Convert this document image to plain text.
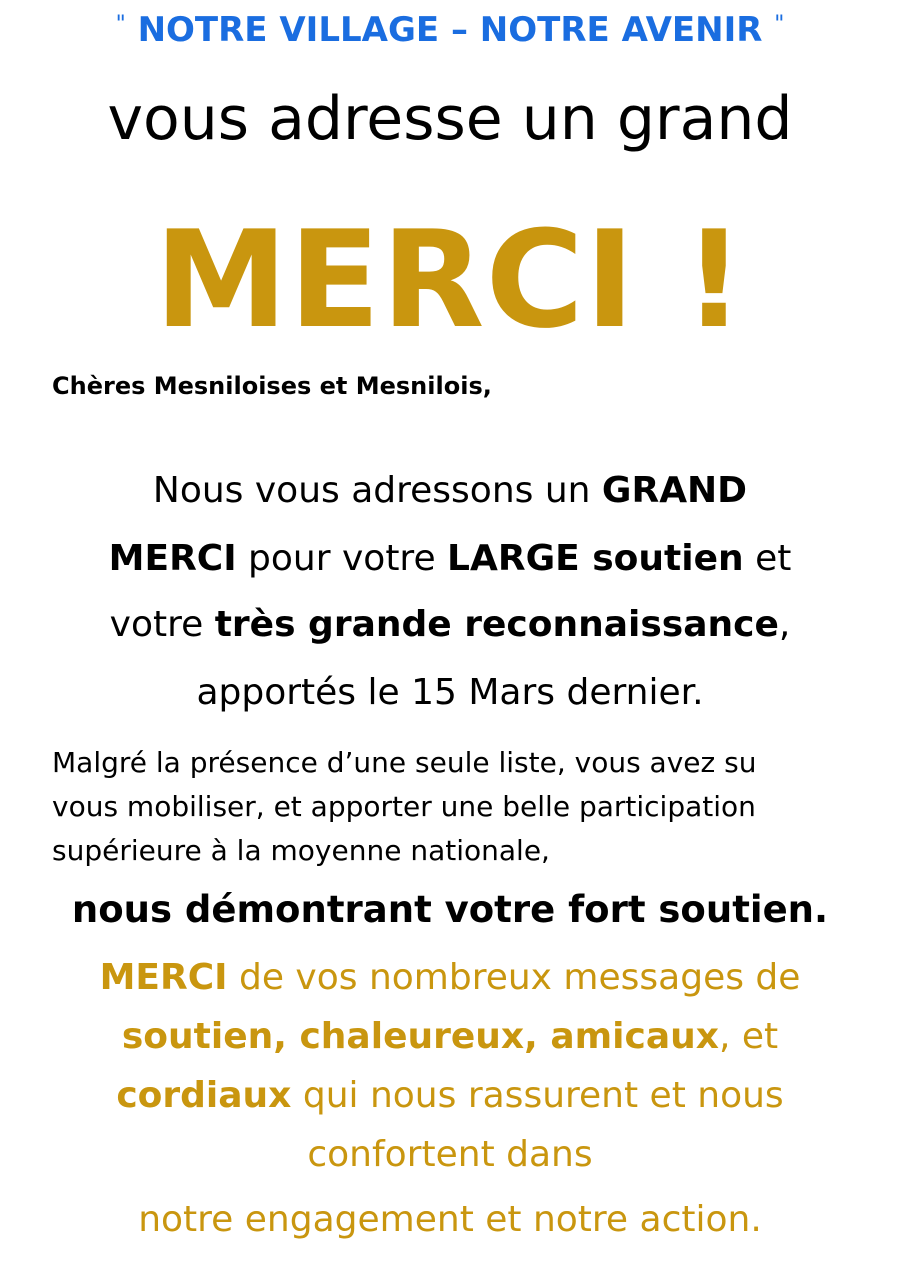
" NOTRE VILLAGE – NOTRE AVENIR "

vous adresse un grand

MERCI !

Chères Mesniloises et Mesnilois,

Nous vous adressons un GRAND

MERCI pour votre LARGE soutien et

votre très grande reconnaissance,

apportés le 15 Mars dernier.

Malgré la présence d’une seule liste, vous avez su

vous mobiliser, et apporter une belle participation

supérieure à la moyenne nationale,

nous démontrant votre fort soutien.

MERCI de vos nombreux messages de

soutien, chaleureux, amicaux, et

cordiaux qui nous rassurent et nous

confortent dans

notre engagement et notre action.
